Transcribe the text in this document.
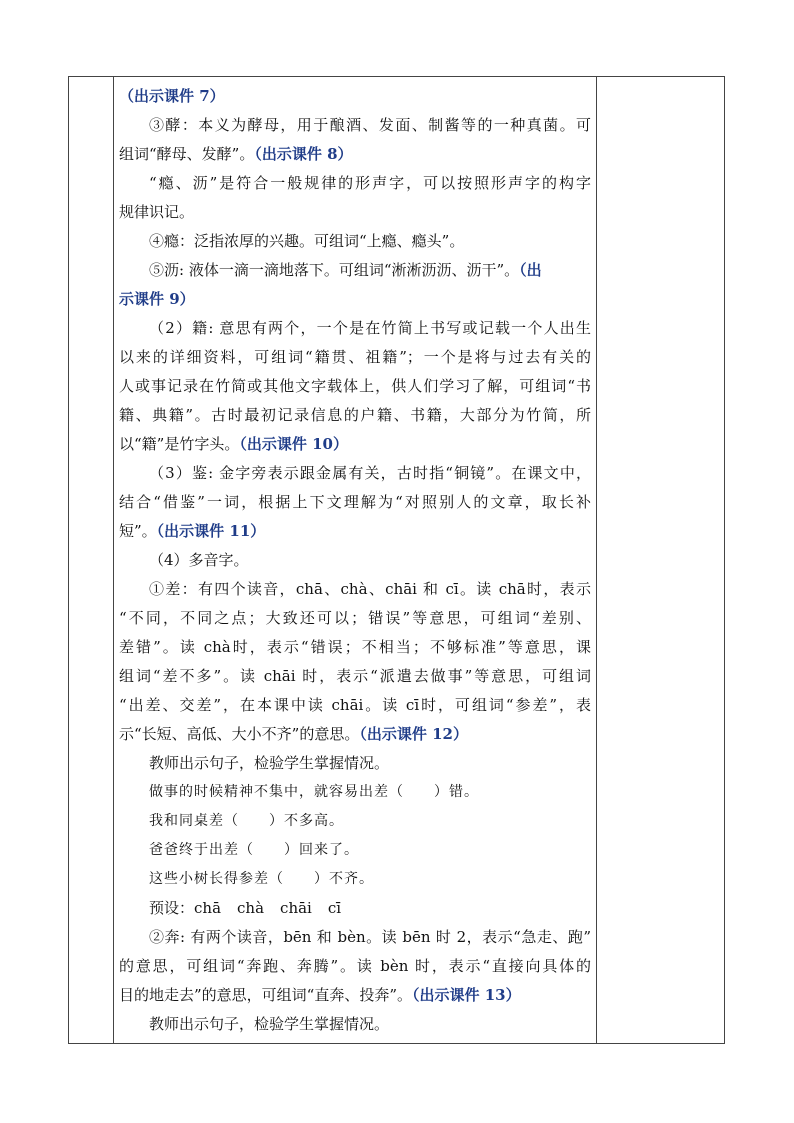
（出示课件 7）
③酵：本义为酵母，用于酿酒、发面、制酱等的一种真菌。可
组词“酵母、发酵”。（出示课件 8）
“瘾、沥”是符合一般规律的形声字，可以按照形声字的构字
规律识记。
④瘾：泛指浓厚的兴趣。可组词“上瘾、瘾头”。
⑤沥: 液体一滴一滴地落下。可组词“淅淅沥沥、沥干”。（出
示课件 9）
（2）籍: 意思有两个，一个是在竹简上书写或记载一个人出生
以来的详细资料，可组词“籍贯、祖籍”；一个是将与过去有关的
人或事记录在竹简或其他文字载体上，供人们学习了解，可组词“书
籍、典籍”。古时最初记录信息的户籍、书籍，大部分为竹简，所
以“籍”是竹字头。（出示课件 10）
（3）鉴: 金字旁表示跟金属有关，古时指“铜镜”。在课文中，
结合“借鉴”一词，根据上下文理解为“对照别人的文章，取长补
短”。（出示课件 11）
（4）多音字。
①差：有四个读音，chā、chà、chāi 和 cī。读 chā时，表示
“不同，不同之点；大致还可以；错误”等意思，可组词“差别、
差错”。读 chà时，表示“错误；不相当；不够标准”等意思，课
组词“差不多”。读 chāi 时，表示“派遣去做事”等意思，可组词
“出差、交差”，在本课中读 chāi。读 cī时，可组词“参差”，表
示“长短、高低、大小不齐”的意思。（出示课件 12）
教师出示句子，检验学生掌握情况。
做事的时候精神不集中，就容易出差（ ）错。
我和同桌差（ ）不多高。
爸爸终于出差（ ）回来了。
这些小树长得参差（ ）不齐。
预设：chā chà chāi cī
②奔: 有两个读音，bēn 和 bèn。读 bēn 时 2，表示“急走、跑”
的意思，可组词“奔跑、奔腾”。读 bèn 时，表示“直接向具体的
目的地走去”的意思，可组词“直奔、投奔”。（出示课件 13）
教师出示句子，检验学生掌握情况。
